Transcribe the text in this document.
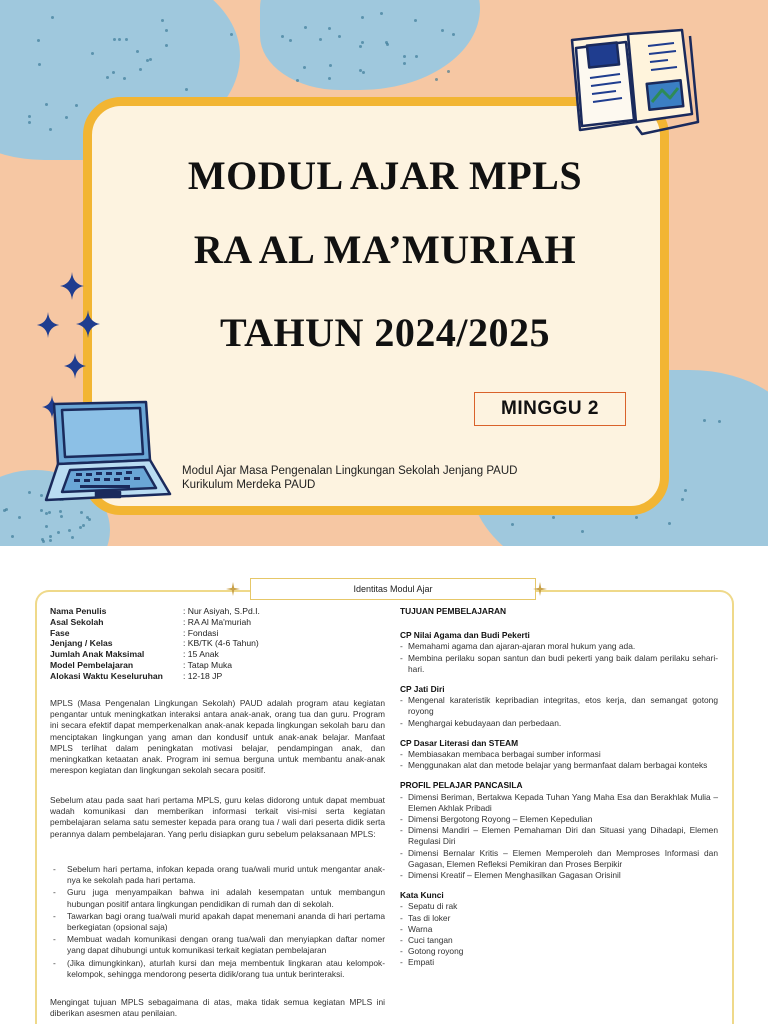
MODUL AJAR MPLS
RA AL MA’MURIAH
TAHUN 2024/2025
MINGGU 2
Modul Ajar Masa Pengenalan Lingkungan Sekolah Jenjang PAUD
Kurikulum Merdeka PAUD
Identitas Modul Ajar
Nama Penulis	: Nur Asiyah, S.Pd.I.
Asal Sekolah	: RA Al Ma'muriah
Fase	: Fondasi
Jenjang / Kelas	: KB/TK (4-6 Tahun)
Jumlah Anak Maksimal	: 15 Anak
Model Pembelajaran	: Tatap Muka
Alokasi Waktu Keseluruhan	: 12-18 JP

MPLS (Masa Pengenalan Lingkungan Sekolah) PAUD adalah program atau kegiatan pengantar untuk meningkatkan interaksi antara anak-anak, orang tua dan guru. Program ini secara efektif dapat memperkenalkan anak-anak kepada lingkungan sekolah baru dan menciptakan lingkungan yang aman dan kondusif untuk anak-anak belajar. Manfaat MPLS terlihat dalam peningkatan motivasi belajar, pendampingan anak, dan meningkatkan ketaatan anak. Program ini semua berguna untuk membantu anak-anak merespon kegiatan dan lingkungan sekolah secara positif.

Sebelum atau pada saat hari pertama MPLS, guru kelas didorong untuk dapat membuat wadah komunikasi dan memberikan informasi terkait visi-misi serta kegiatan pembelajaran selama satu semester kepada para orang tua / wali dari peserta didik serta perannya dalam pembelajaran. Yang perlu disiapkan guru sebelum pelaksanaan MPLS:

- Sebelum hari pertama, infokan kepada orang tua/wali murid untuk mengantar anak-nya ke sekolah pada hari pertama.
- Guru juga menyampaikan bahwa ini adalah kesempatan untuk membangun hubungan positif antara lingkungan pendidikan di rumah dan di sekolah.
- Tawarkan bagi orang tua/wali murid apakah dapat menemani ananda di hari pertama berkegiatan (opsional saja)
- Membuat wadah komunikasi dengan orang tua/wali dan menyiapkan daftar nomer yang dapat dihubungi untuk komunikasi terkait kegiatan pembelajaran
- (Jika dimungkinkan), aturlah kursi dan meja membentuk lingkaran atau kelompok-kelompok, sehingga mendorong peserta didik/orang tua untuk berinteraksi.

Mengingat tujuan MPLS sebagaimana di atas, maka tidak semua kegiatan MPLS ini diberikan asesmen atau penilaian.

TUJUAN PEMBELAJARAN
CP Nilai Agama dan Budi Pekerti
- Memahami agama dan ajaran-ajaran moral hukum yang ada.
- Membina perilaku sopan santun dan budi pekerti yang baik dalam perilaku sehari-hari.
CP Jati Diri
- Mengenal karateristik kepribadian integritas, etos kerja, dan semangat gotong royong
- Menghargai kebudayaan dan perbedaan.
CP Dasar Literasi dan STEAM
- Membiasakan membaca berbagai sumber informasi
- Menggunakan alat dan metode belajar yang bermanfaat dalam berbagai konteks
PROFIL PELAJAR PANCASILA
- Dimensi Beriman, Bertakwa Kepada Tuhan Yang Maha Esa dan Berakhlak Mulia – Elemen Akhlak Pribadi
- Dimensi Bergotong Royong – Elemen Kepedulian
- Dimensi Mandiri – Elemen Pemahaman Diri dan Situasi yang Dihadapi, Elemen Regulasi Diri
- Dimensi Bernalar Kritis – Elemen Memperoleh dan Memproses Informasi dan Gagasan, Elemen Refleksi Pemikiran dan Proses Berpikir
- Dimensi Kreatif – Elemen Menghasilkan Gagasan Orisinil
Kata Kunci
- Sepatu di rak
- Tas di loker
- Warna
- Cuci tangan
- Gotong royong
- Empati
